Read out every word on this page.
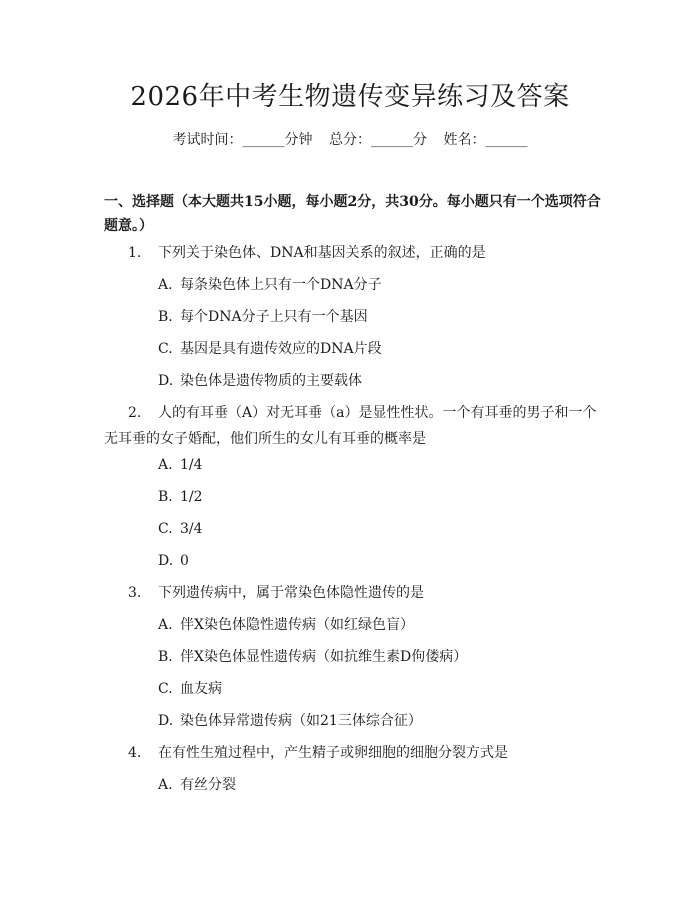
2026年中考生物遗传变异练习及答案
考试时间：______分钟 总分：______分 姓名：______
一、选择题（本大题共15小题，每小题2分，共30分。每小题只有一个选项符合题意。）
1. 下列关于染色体、DNA和基因关系的叙述，正确的是
A. 每条染色体上只有一个DNA分子
B. 每个DNA分子上只有一个基因
C. 基因是具有遗传效应的DNA片段
D. 染色体是遗传物质的主要载体
2. 人的有耳垂（A）对无耳垂（a）是显性性状。一个有耳垂的男子和一个无耳垂的女子婚配，他们所生的女儿有耳垂的概率是
A. 1/4
B. 1/2
C. 3/4
D. 0
3. 下列遗传病中，属于常染色体隐性遗传的是
A. 伴X染色体隐性遗传病（如红绿色盲）
B. 伴X染色体显性遗传病（如抗维生素D佝偻病）
C. 血友病
D. 染色体异常遗传病（如21三体综合征）
4. 在有性生殖过程中，产生精子或卵细胞的细胞分裂方式是
A. 有丝分裂
